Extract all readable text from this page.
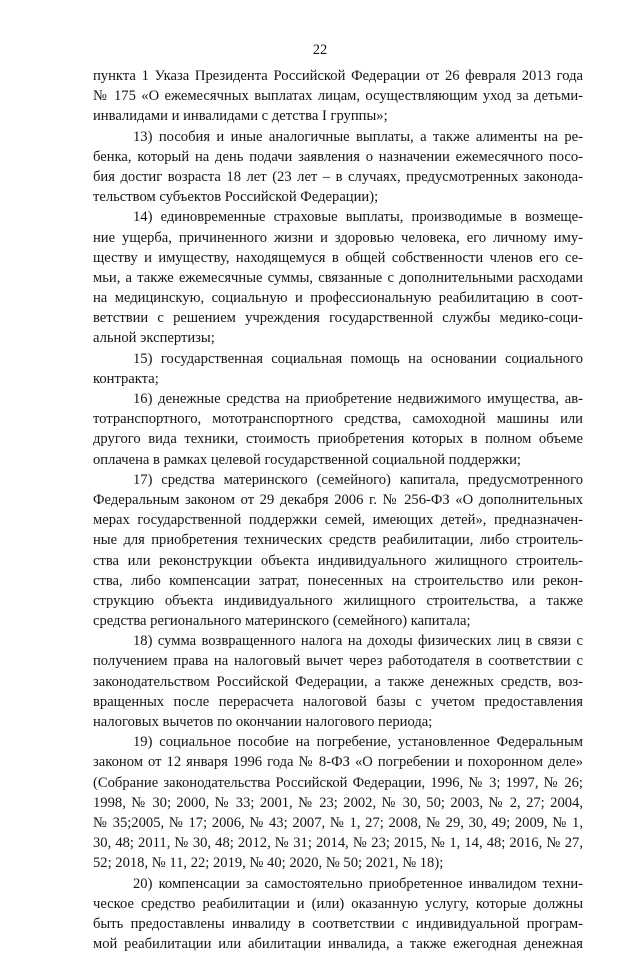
22
пункта 1 Указа Президента Российской Федерации от 26 февраля 2013 года
№ 175 «О ежемесячных выплатах лицам, осуществляющим уход за детьми-
инвалидами и инвалидами с детства I группы»;
13) пособия и иные аналогичные выплаты, а также алименты на ре-
бенка, который на день подачи заявления о назначении ежемесячного посо-
бия достиг возраста 18 лет (23 лет – в случаях, предусмотренных законода-
тельством субъектов Российской Федерации);
14) единовременные страховые выплаты, производимые в возмеще-
ние ущерба, причиненного жизни и здоровью человека, его личному иму-
ществу и имуществу, находящемуся в общей собственности членов его се-
мьи, а также ежемесячные суммы, связанные с дополнительными расходами
на медицинскую, социальную и профессиональную реабилитацию в соот-
ветствии с решением учреждения государственной службы медико-соци-
альной экспертизы;
15) государственная социальная помощь на основании социального
контракта;
16) денежные средства на приобретение недвижимого имущества, ав-
тотранспортного, мототранспортного средства, самоходной машины или
другого вида техники, стоимость приобретения которых в полном объеме
оплачена в рамках целевой государственной социальной поддержки;
17) средства материнского (семейного) капитала, предусмотренного
Федеральным законом от 29 декабря 2006 г. № 256-ФЗ «О дополнительных
мерах государственной поддержки семей, имеющих детей», предназначен-
ные для приобретения технических средств реабилитации, либо строитель-
ства или реконструкции объекта индивидуального жилищного строитель-
ства, либо компенсации затрат, понесенных на строительство или рекон-
струкцию объекта индивидуального жилищного строительства, а также
средства регионального материнского (семейного) капитала;
18) сумма возвращенного налога на доходы физических лиц в связи с
получением права на налоговый вычет через работодателя в соответствии с
законодательством Российской Федерации, а также денежных средств, воз-
вращенных после перерасчета налоговой базы с учетом предоставления
налоговых вычетов по окончании налогового периода;
19) социальное пособие на погребение, установленное Федеральным
законом от 12 января 1996 года № 8-ФЗ «О погребении и похоронном деле»
(Собрание законодательства Российской Федерации, 1996, № 3; 1997, № 26;
1998, № 30; 2000, № 33; 2001, № 23; 2002, № 30, 50; 2003, № 2, 27; 2004,
№ 35;2005, № 17; 2006, № 43; 2007, № 1, 27; 2008, № 29, 30, 49; 2009, № 1,
30, 48; 2011, № 30, 48; 2012, № 31; 2014, № 23; 2015, № 1, 14, 48; 2016, № 27,
52; 2018, № 11, 22; 2019, № 40; 2020, № 50; 2021, № 18);
20) компенсации за самостоятельно приобретенное инвалидом техни-
ческое средство реабилитации и (или) оказанную услугу, которые должны
быть предоставлены инвалиду в соответствии с индивидуальной програм-
мой реабилитации или абилитации инвалида, а также ежегодная денежная
